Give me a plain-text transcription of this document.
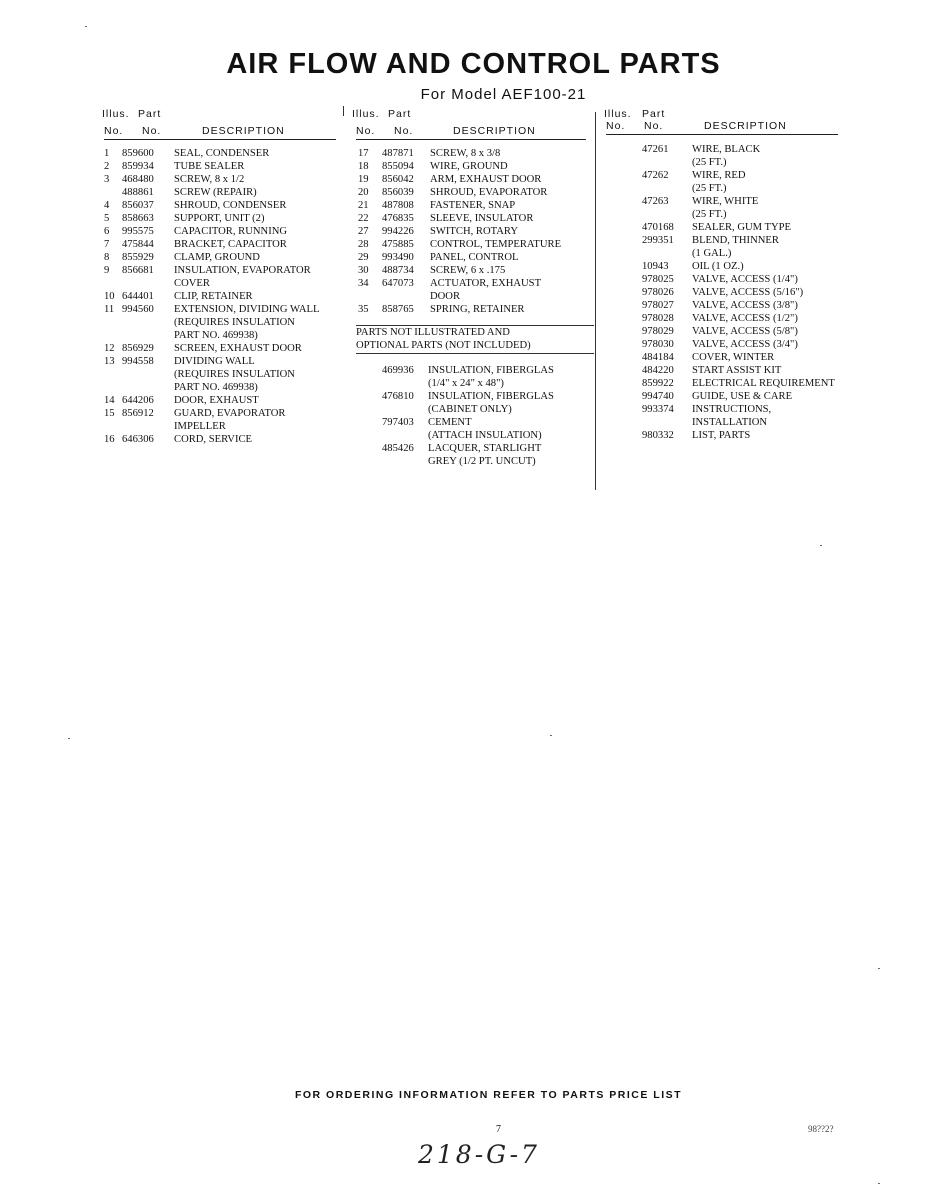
AIR FLOW AND CONTROL PARTS
For Model AEF100-21
Illus. Part
No. No.	DESCRIPTION
1 859600 SEAL, CONDENSER
2 859934 TUBE SEALER
3 468480 SCREW, 8 x 1/2
488861 SCREW (REPAIR)
4 856037 SHROUD, CONDENSER
5 858663 SUPPORT, UNIT (2)
6 995575 CAPACITOR, RUNNING
7 475844 BRACKET, CAPACITOR
8 855929 CLAMP, GROUND
9 856681 INSULATION, EVAPORATOR
COVER
10 644401 CLIP, RETAINER
11 994560 EXTENSION, DIVIDING WALL
(REQUIRES INSULATION
PART NO. 469938)
12 856929 SCREEN, EXHAUST DOOR
13 994558 DIVIDING WALL
(REQUIRES INSULATION
PART NO. 469938)
14 644206 DOOR, EXHAUST
15 856912 GUARD, EVAPORATOR
IMPELLER
16 646306 CORD, SERVICE
Illus. Part
No. No.	DESCRIPTION
17 487871 SCREW, 8 x 3/8
18 855094 WIRE, GROUND
19 856042 ARM, EXHAUST DOOR
20 856039 SHROUD, EVAPORATOR
21 487808 FASTENER, SNAP
22 476835 SLEEVE, INSULATOR
27 994226 SWITCH, ROTARY
28 475885 CONTROL, TEMPERATURE
29 993490 PANEL, CONTROL
30 488734 SCREW, 6 x .175
34 647073 ACTUATOR, EXHAUST
DOOR
35 858765 SPRING, RETAINER
PARTS NOT ILLUSTRATED AND
OPTIONAL PARTS (NOT INCLUDED)
469936 INSULATION, FIBERGLAS
(1/4" x 24" x 48")
476810 INSULATION, FIBERGLAS
(CABINET ONLY)
797403 CEMENT
(ATTACH INSULATION)
485426 LACQUER, STARLIGHT
GREY (1/2 PT. UNCUT)
Illus. Part
No. No.	DESCRIPTION
47261 WIRE, BLACK
(25 FT.)
47262 WIRE, RED
(25 FT.)
47263 WIRE, WHITE
(25 FT.)
470168 SEALER, GUM TYPE
299351 BLEND, THINNER
(1 GAL.)
10943 OIL (1 OZ.)
978025 VALVE, ACCESS (1/4")
978026 VALVE, ACCESS (5/16")
978027 VALVE, ACCESS (3/8")
978028 VALVE, ACCESS (1/2")
978029 VALVE, ACCESS (5/8")
978030 VALVE, ACCESS (3/4")
484184 COVER, WINTER
484220 START ASSIST KIT
859922 ELECTRICAL REQUIREMENT
994740 GUIDE, USE & CARE
993374 INSTRUCTIONS,
INSTALLATION
980332 LIST, PARTS
FOR ORDERING INFORMATION REFER TO PARTS PRICE LIST
7	98??2?
218-G-7
